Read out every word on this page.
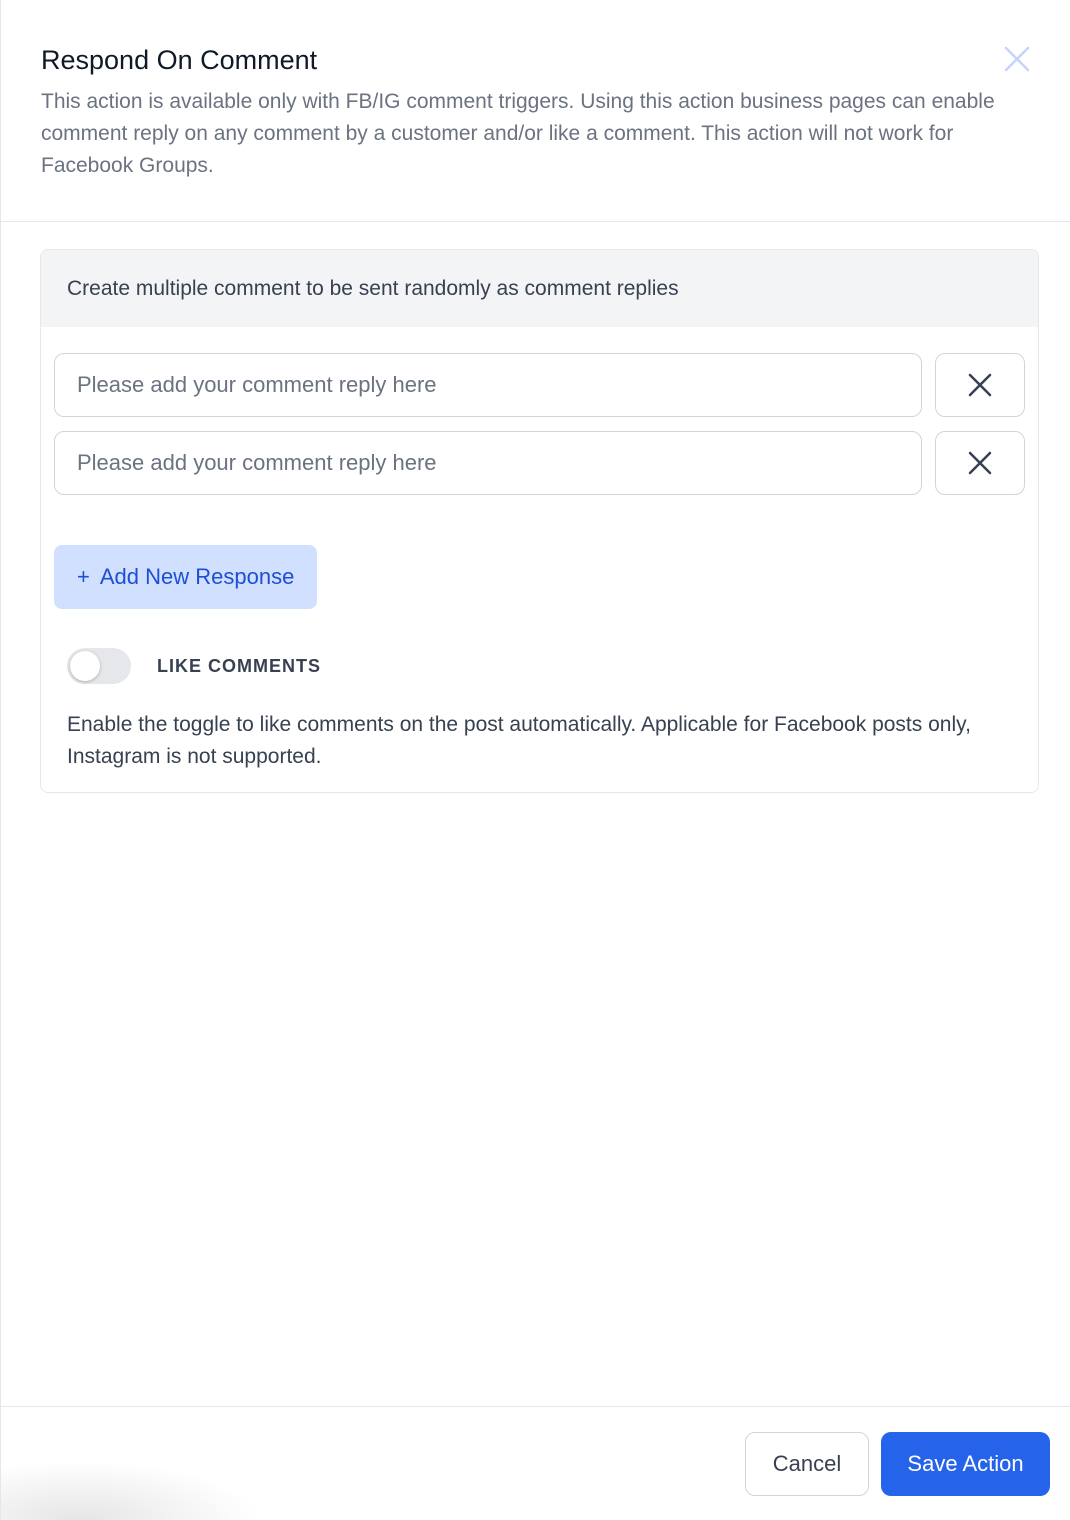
Respond On Comment

This action is available only with FB/IG comment triggers. Using this action business pages can enable comment reply on any comment by a customer and/or like a comment. This action will not work for Facebook Groups.

Create multiple comment to be sent randomly as comment replies
Please add your comment reply here
Please add your comment reply here
+ Add New Response
LIKE COMMENTS

Enable the toggle to like comments on the post automatically. Applicable for Facebook posts only, Instagram is not supported.

Cancel	Save Action
